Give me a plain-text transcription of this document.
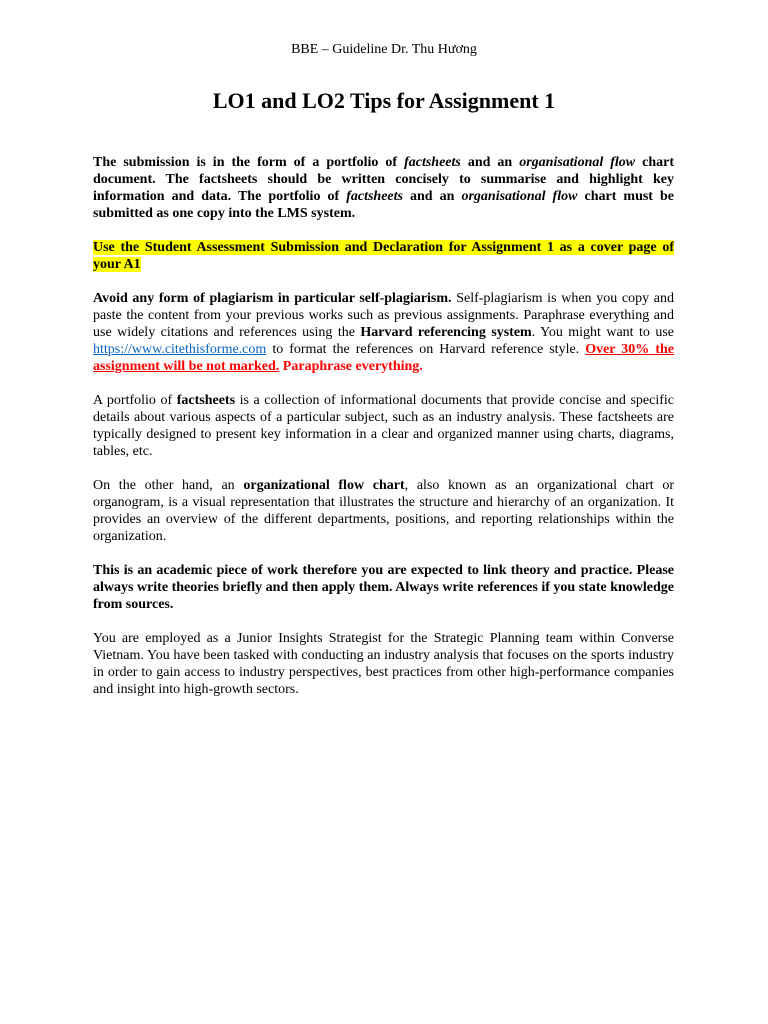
BBE – Guideline Dr. Thu Hương
LO1 and LO2 Tips for Assignment 1

The submission is in the form of a portfolio of factsheets and an organisational flow chart document. The factsheets should be written concisely to summarise and highlight key information and data. The portfolio of factsheets and an organisational flow chart must be submitted as one copy into the LMS system.

Use the Student Assessment Submission and Declaration for Assignment 1 as a cover page of your A1

Avoid any form of plagiarism in particular self-plagiarism. Self-plagiarism is when you copy and paste the content from your previous works such as previous assignments. Paraphrase everything and use widely citations and references using the Harvard referencing system. You might want to use https://www.citethisforme.com to format the references on Harvard reference style. Over 30% the assignment will be not marked. Paraphrase everything.

A portfolio of factsheets is a collection of informational documents that provide concise and specific details about various aspects of a particular subject, such as an industry analysis. These factsheets are typically designed to present key information in a clear and organized manner using charts, diagrams, tables, etc.

On the other hand, an organizational flow chart, also known as an organizational chart or organogram, is a visual representation that illustrates the structure and hierarchy of an organization. It provides an overview of the different departments, positions, and reporting relationships within the organization.

This is an academic piece of work therefore you are expected to link theory and practice. Please always write theories briefly and then apply them. Always write references if you state knowledge from sources.

You are employed as a Junior Insights Strategist for the Strategic Planning team within Converse Vietnam. You have been tasked with conducting an industry analysis that focuses on the sports industry in order to gain access to industry perspectives, best practices from other high-performance companies and insight into high-growth sectors.
